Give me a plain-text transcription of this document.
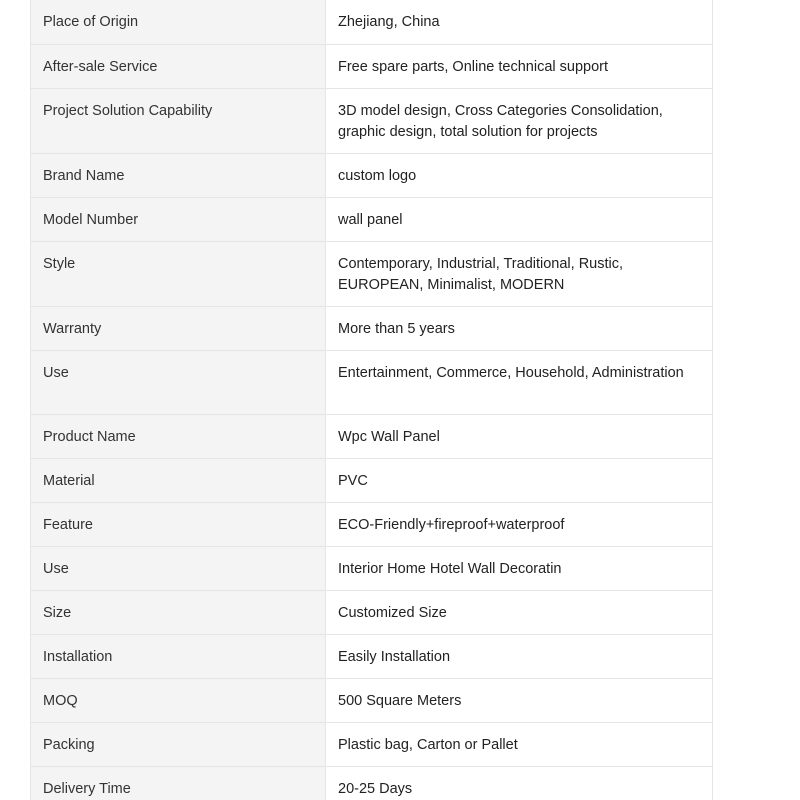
Place of Origin	Zhejiang, China
After-sale Service	Free spare parts, Online technical support
Project Solution Capability	3D model design, Cross Categories Consolidation, graphic design, total solution for projects
Brand Name	custom logo
Model Number	wall panel
Style	Contemporary, Industrial, Traditional, Rustic, EUROPEAN, Minimalist, MODERN
Warranty	More than 5 years
Use	Entertainment, Commerce, Household, Administration
Product Name	Wpc Wall Panel
Material	PVC
Feature	ECO-Friendly+fireproof+waterproof
Use	Interior Home Hotel Wall Decoratin
Size	Customized Size
Installation	Easily Installation
MOQ	500 Square Meters
Packing	Plastic bag, Carton or Pallet
Delivery Time	20-25 Days
